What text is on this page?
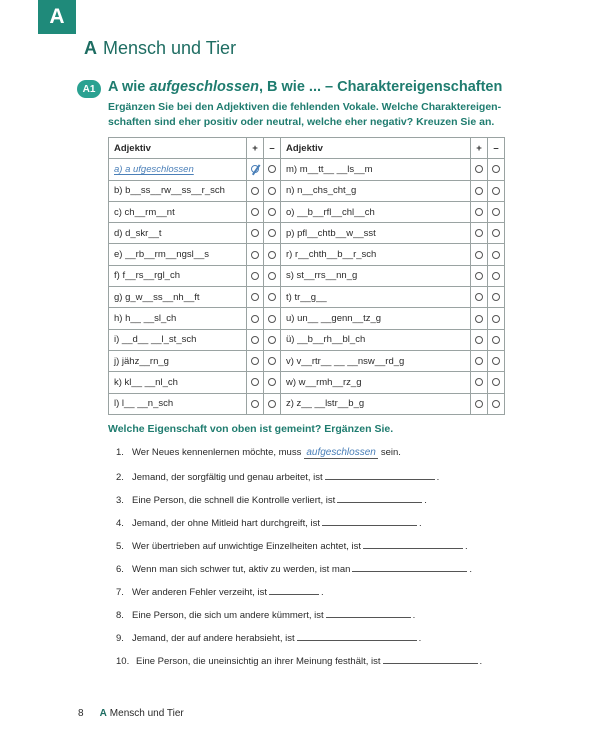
A
A Mensch und Tier
A1 A wie aufgeschlossen, B wie ... – Charaktereigenschaften
Ergänzen Sie bei den Adjektiven die fehlenden Vokale. Welche Charaktereigenschaften sind eher positiv oder neutral, welche eher negativ? Kreuzen Sie an.
Adjektiv	+	–	Adjektiv	+	–
a) a ufgeschlossen			m) m__tt__ __ls__m		
b) b__ss__rw__ss__r_sch			n) n__chs_cht_g		
c) ch__rm__nt			o) __b__rfl__chl__ch		
d) d_skr__t			p) pfl__chtb__w__sst		
e) __rb__rm__ngsl__s			r) r__chth__b__r_sch		
f) f__rs__rgl_ch			s) st__rrs__nn_g		
g) g_w__ss__nh__ft			t) tr__g__		
h) h__ __sl_ch			u) un__ __genn__tz_g		
i) __d__ __l_st_sch			ü) __b__rh__bl_ch		
j) jähz__rn_g			v) v__rtr__ __ __nsw__rd_g		
k) kl__ __nl_ch			w) w__rmh__rz_g		
l) l__ __n_sch			z) z__ __lstr__b_g		
Welche Eigenschaft von oben ist gemeint? Ergänzen Sie.
1. Wer Neues kennenlernen möchte, muss aufgeschlossen sein.
2. Jemand, der sorgfältig und genau arbeitet, ist	.
3. Eine Person, die schnell die Kontrolle verliert, ist	.
4. Jemand, der ohne Mitleid hart durchgreift, ist	.
5. Wer übertrieben auf unwichtige Einzelheiten achtet, ist	.
6. Wenn man sich schwer tut, aktiv zu werden, ist man	.
7. Wer anderen Fehler verzeiht, ist	.
8. Eine Person, die sich um andere kümmert, ist	.
9. Jemand, der auf andere herabsieht, ist	.
10. Eine Person, die uneinsichtig an ihrer Meinung festhält, ist	.
8 A Mensch und Tier
